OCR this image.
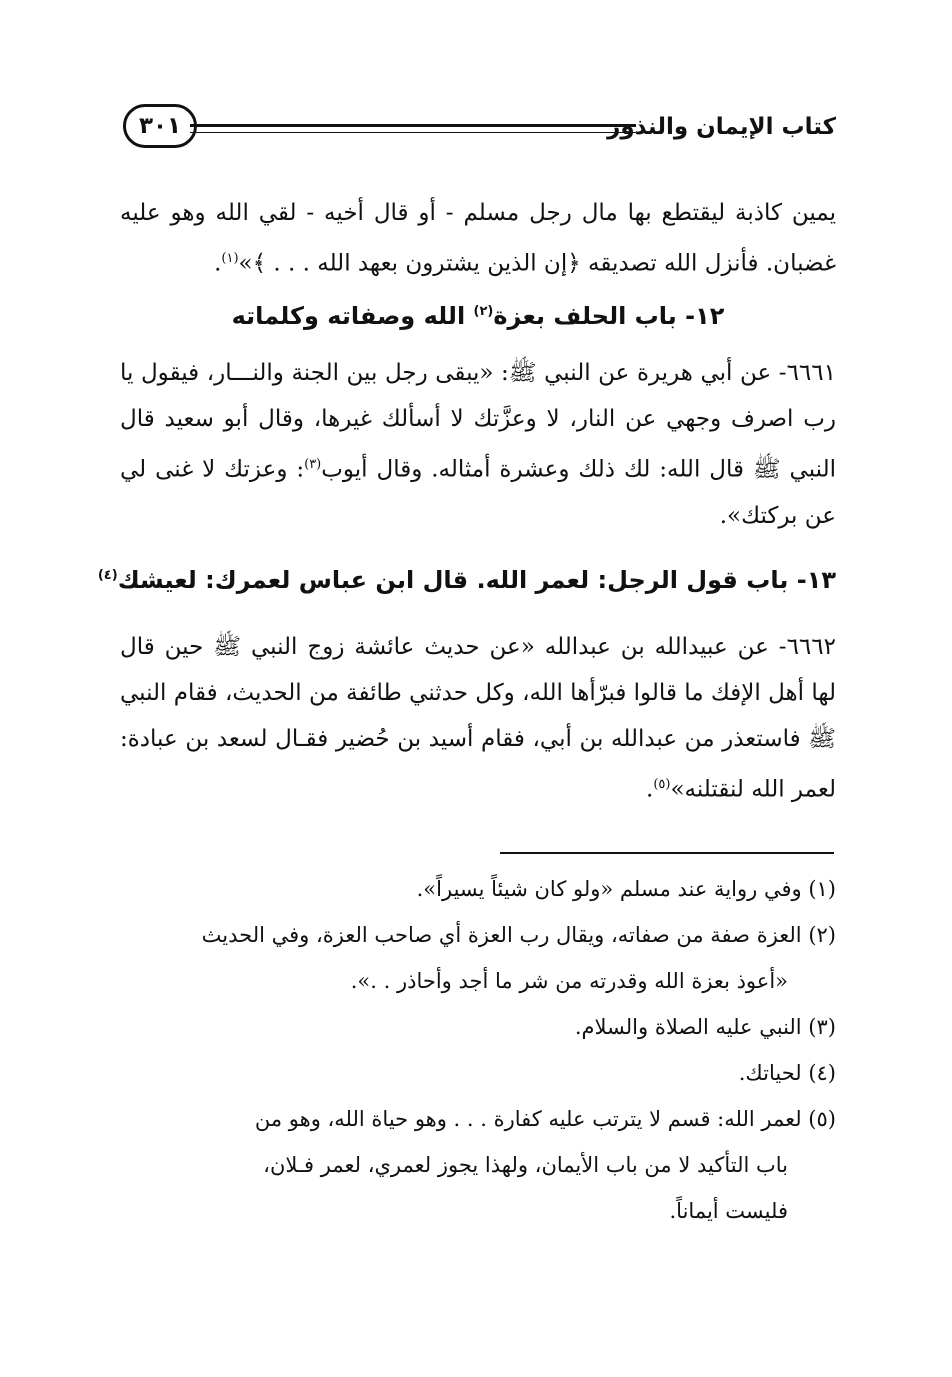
كتاب الإيمان والنذور
٣٠١

يمين كاذبة ليقتطع بها مال رجل مسلم - أو قال أخيه - لقي الله وهو عليه غضبان. فأنزل الله تصديقه ﴿إن الذين يشترون بعهد الله . . . ﴾»$^{(١)}$.

١٢- باب الحلف بعزة$^{(٢)}$ الله وصفاته وكلماته

٦٦٦١- عن أبي هريرة عن النبي ﷺ: «يبقى رجل بين الجنة والنـــار، فيقول يا رب اصرف وجهي عن النار، لا وعزَّتك لا أسألك غيرها، وقال أبو سعيد قال النبي ﷺ قال الله: لك ذلك وعشرة أمثاله. وقال أيوب$^{(٣)}$: وعزتك لا غنى لي عن بركتك».

١٣- باب قول الرجل: لعمر الله. قال ابن عباس لعمرك: لعيشك$^{(٤)}$

٦٦٦٢- عن عبيدالله بن عبدالله «عن حديث عائشة زوج النبي ﷺ حين قال لها أهل الإفك ما قالوا فبرّأها الله، وكل حدثني طائفة من الحديث، فقام النبي ﷺ فاستعذر من عبدالله بن أبي، فقام أسيد بن حُضير فقـال لسعد بن عبادة: لعمر الله لنقتلنه»$^{(٥)}$.

(١) وفي رواية عند مسلم «ولو كان شيئاً يسيراً».
(٢) العزة صفة من صفاته، ويقال رب العزة أي صاحب العزة، وفي الحديث
«أعوذ بعزة الله وقدرته من شر ما أجد وأحاذر . .».
(٣) النبي عليه الصلاة والسلام.
(٤) لحياتك.
(٥) لعمر الله: قسم لا يترتب عليه كفارة . . . وهو حياة الله، وهو من
باب التأكيد لا من باب الأيمان، ولهذا يجوز لعمري، لعمر فـلان،
فليست أيماناً.
